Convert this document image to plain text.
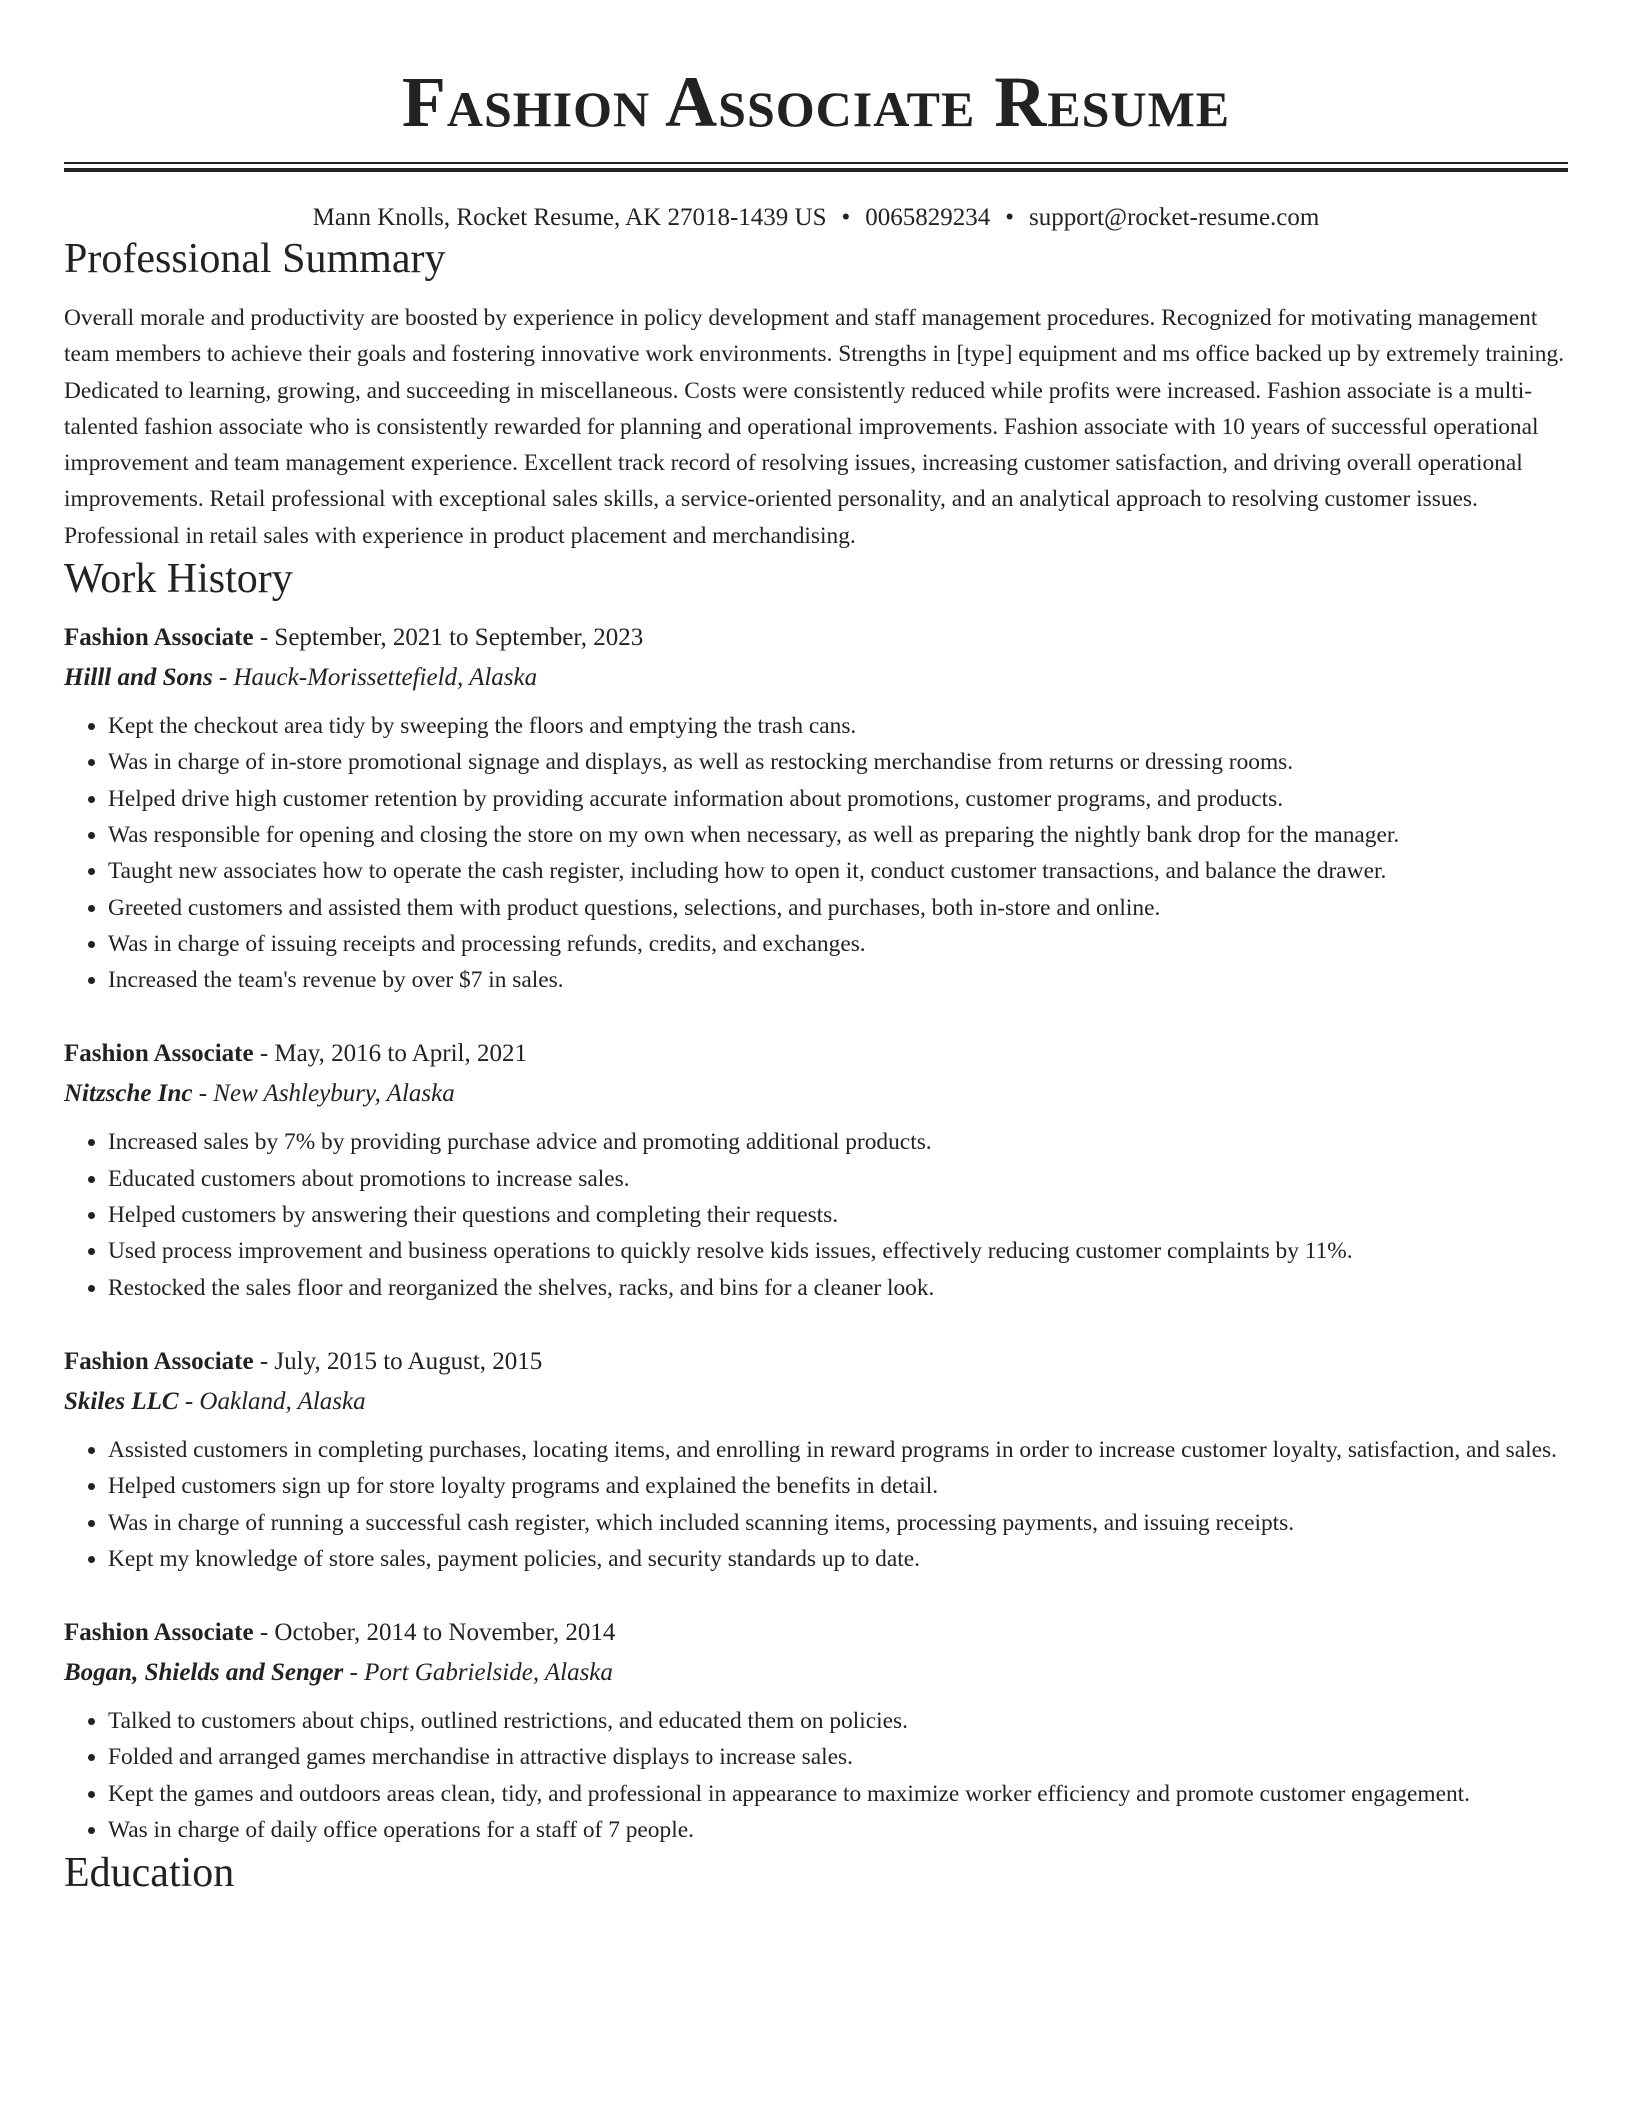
Fashion Associate Resume
Mann Knolls, Rocket Resume, AK 27018-1439 US • 0065829234 • support@rocket-resume.com
Professional Summary

Overall morale and productivity are boosted by experience in policy development and staff management procedures. Recognized for motivating management team members to achieve their goals and fostering innovative work environments. Strengths in [type] equipment and ms office backed up by extremely training. Dedicated to learning, growing, and succeeding in miscellaneous. Costs were consistently reduced while profits were increased. Fashion associate is a multi-talented fashion associate who is consistently rewarded for planning and operational improvements. Fashion associate with 10 years of successful operational improvement and team management experience. Excellent track record of resolving issues, increasing customer satisfaction, and driving overall operational improvements. Retail professional with exceptional sales skills, a service-oriented personality, and an analytical approach to resolving customer issues. Professional in retail sales with experience in product placement and merchandising.

Work History
Fashion Associate - September, 2021 to September, 2023
Hilll and Sons - Hauck-Morissettefield, Alaska
• Kept the checkout area tidy by sweeping the floors and emptying the trash cans.
• Was in charge of in-store promotional signage and displays, as well as restocking merchandise from returns or dressing rooms.
• Helped drive high customer retention by providing accurate information about promotions, customer programs, and products.
• Was responsible for opening and closing the store on my own when necessary, as well as preparing the nightly bank drop for the manager.
• Taught new associates how to operate the cash register, including how to open it, conduct customer transactions, and balance the drawer.
• Greeted customers and assisted them with product questions, selections, and purchases, both in-store and online.
• Was in charge of issuing receipts and processing refunds, credits, and exchanges.
• Increased the team's revenue by over $7 in sales.
Fashion Associate - May, 2016 to April, 2021
Nitzsche Inc - New Ashleybury, Alaska
• Increased sales by 7% by providing purchase advice and promoting additional products.
• Educated customers about promotions to increase sales.
• Helped customers by answering their questions and completing their requests.
• Used process improvement and business operations to quickly resolve kids issues, effectively reducing customer complaints by 11%.
• Restocked the sales floor and reorganized the shelves, racks, and bins for a cleaner look.
Fashion Associate - July, 2015 to August, 2015
Skiles LLC - Oakland, Alaska
• Assisted customers in completing purchases, locating items, and enrolling in reward programs in order to increase customer loyalty, satisfaction, and sales.
• Helped customers sign up for store loyalty programs and explained the benefits in detail.
• Was in charge of running a successful cash register, which included scanning items, processing payments, and issuing receipts.
• Kept my knowledge of store sales, payment policies, and security standards up to date.
Fashion Associate - October, 2014 to November, 2014
Bogan, Shields and Senger - Port Gabrielside, Alaska
• Talked to customers about chips, outlined restrictions, and educated them on policies.
• Folded and arranged games merchandise in attractive displays to increase sales.
• Kept the games and outdoors areas clean, tidy, and professional in appearance to maximize worker efficiency and promote customer engagement.
• Was in charge of daily office operations for a staff of 7 people.
Education
